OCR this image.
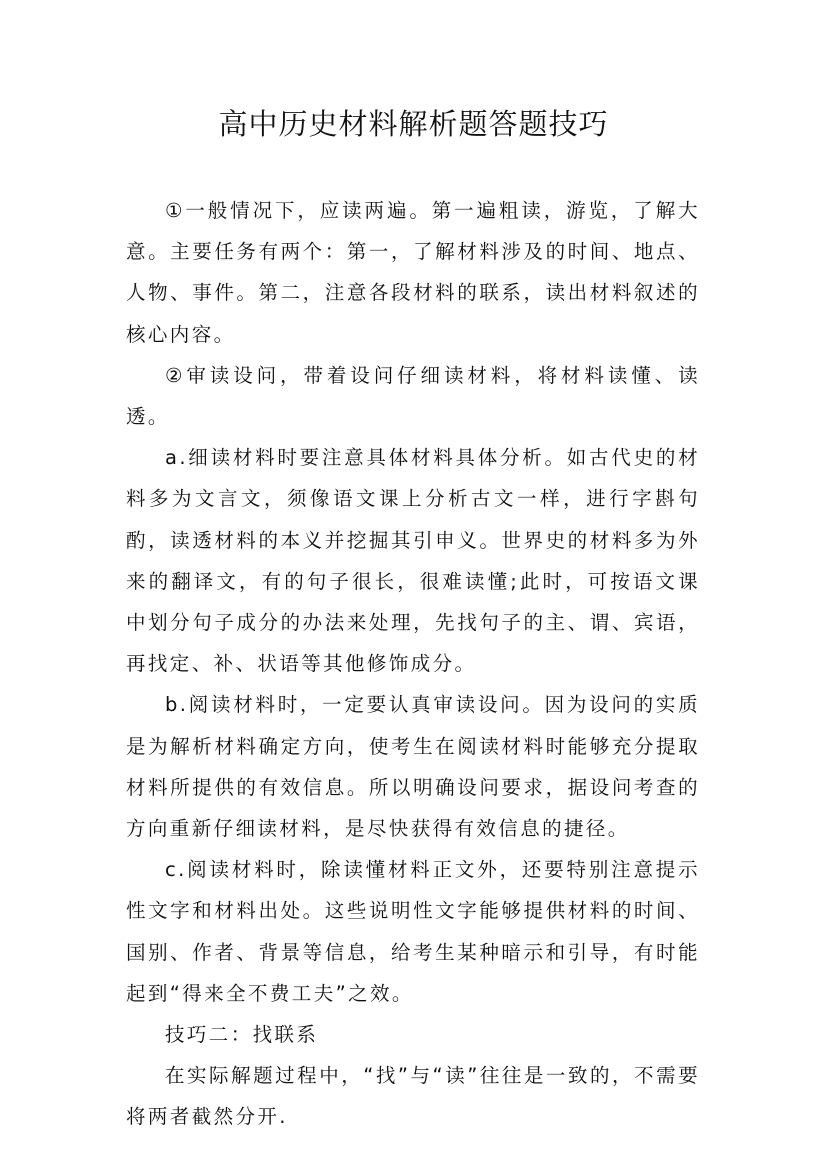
高中历史材料解析题答题技巧

①一般情况下，应读两遍。第一遍粗读，游览，了解大意。主要任务有两个：第一，了解材料涉及的时间、地点、人物、事件。第二，注意各段材料的联系，读出材料叙述的核心内容。

②审读设问，带着设问仔细读材料，将材料读懂、读透。

a.细读材料时要注意具体材料具体分析。如古代史的材料多为文言文，须像语文课上分析古文一样，进行字斟句酌，读透材料的本义并挖掘其引申义。世界史的材料多为外来的翻译文，有的句子很长，很难读懂;此时，可按语文课中划分句子成分的办法来处理，先找句子的主、谓、宾语，再找定、补、状语等其他修饰成分。

b.阅读材料时，一定要认真审读设问。因为设问的实质是为解析材料确定方向，使考生在阅读材料时能够充分提取材料所提供的有效信息。所以明确设问要求，据设问考查的方向重新仔细读材料，是尽快获得有效信息的捷径。

c.阅读材料时，除读懂材料正文外，还要特别注意提示性文字和材料出处。这些说明性文字能够提供材料的时间、国别、作者、背景等信息，给考生某种暗示和引导，有时能起到“得来全不费工夫”之效。

技巧二：找联系

在实际解题过程中，“找”与“读”往往是一致的，不需要将两者截然分开.
